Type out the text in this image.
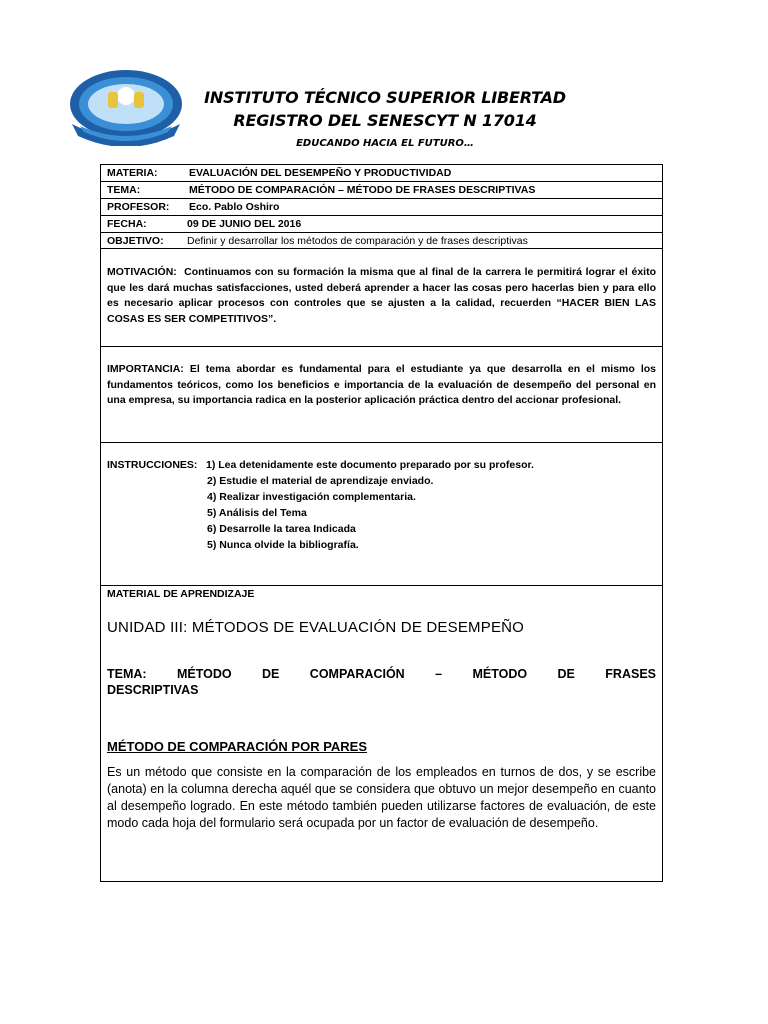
INSTITUTO TÉCNICO SUPERIOR LIBERTAD
REGISTRO DEL SENESCYT N 17014
EDUCANDO HACIA EL FUTURO…
MATERIA:	EVALUACIÓN DEL DESEMPEÑO Y PRODUCTIVIDAD
TEMA:	MÉTODO DE COMPARACIÓN – MÉTODO DE FRASES DESCRIPTIVAS
PROFESOR: Eco. Pablo Oshiro
FECHA:	09 DE JUNIO DEL 2016
OBJETIVO: Definir y desarrollar los métodos de comparación y de frases descriptivas
MOTIVACIÓN: Continuamos con su formación la misma que al final de la carrera le permitirá lograr el éxito que les dará muchas satisfacciones, usted deberá aprender a hacer las cosas pero hacerlas bien y para ello es necesario aplicar procesos con controles que se ajusten a la calidad, recuerden “HACER BIEN LAS COSAS ES SER COMPETITIVOS”.
IMPORTANCIA: El tema abordar es fundamental para el estudiante ya que desarrolla en el mismo los fundamentos teóricos, como los beneficios e importancia de la evaluación de desempeño del personal en una empresa, su importancia radica en la posterior aplicación práctica dentro del accionar profesional.
INSTRUCCIONES: 1) Lea detenidamente este documento preparado por su profesor.
2) Estudie el material de aprendizaje enviado.
4) Realizar investigación complementaria.
5) Análisis del Tema
6) Desarrolle la tarea Indicada
5) Nunca olvide la bibliografía.
MATERIAL DE APRENDIZAJE
UNIDAD III: MÉTODOS DE EVALUACIÓN DE DESEMPEÑO
TEMA: MÉTODO DE COMPARACIÓN – MÉTODO DE FRASES
DESCRIPTIVAS
MÉTODO DE COMPARACIÓN POR PARES
Es un método que consiste en la comparación de los empleados en turnos de dos, y se escribe (anota) en la columna derecha aquél que se considera que obtuvo un mejor desempeño en cuanto al desempeño logrado. En este método también pueden utilizarse factores de evaluación, de este modo cada hoja del formulario será ocupada por un factor de evaluación de desempeño.
